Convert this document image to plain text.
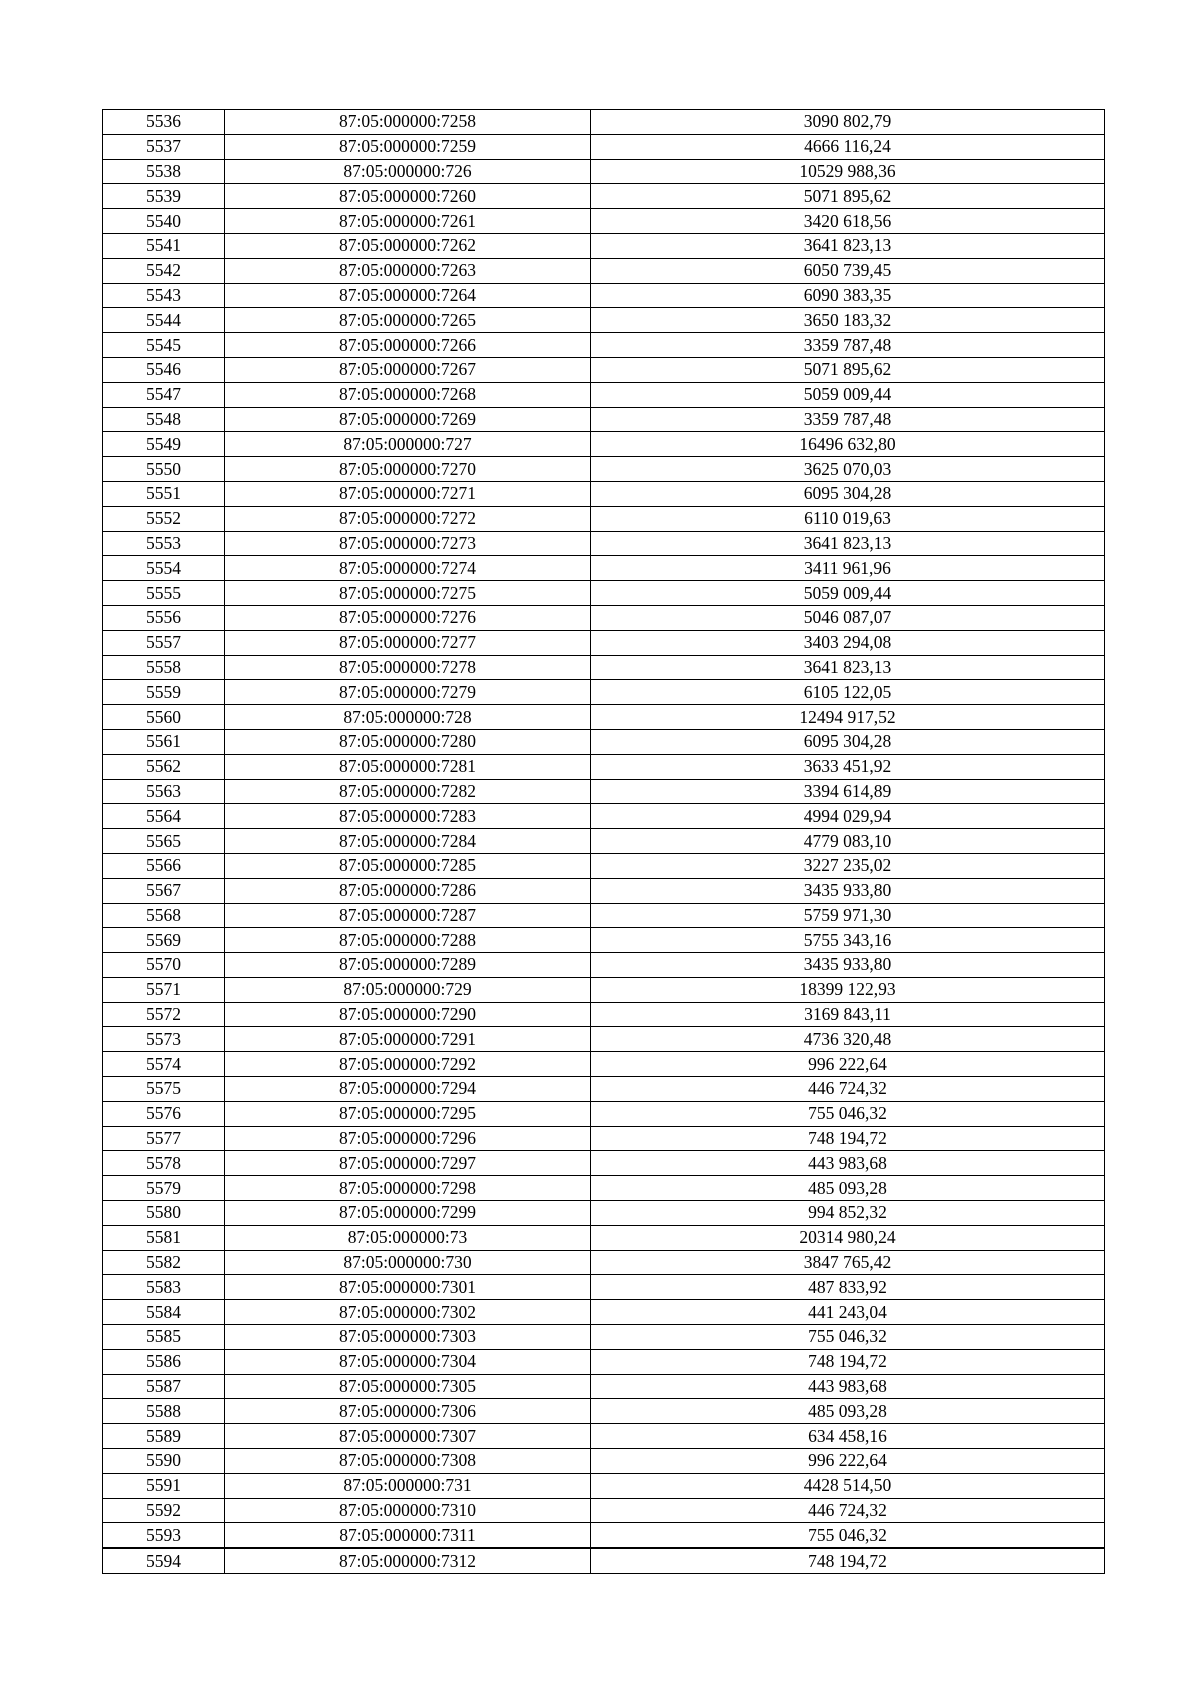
5536	87:05:000000:7258	3090 802,79
5537	87:05:000000:7259	4666 116,24
5538	87:05:000000:726	10529 988,36
5539	87:05:000000:7260	5071 895,62
5540	87:05:000000:7261	3420 618,56
5541	87:05:000000:7262	3641 823,13
5542	87:05:000000:7263	6050 739,45
5543	87:05:000000:7264	6090 383,35
5544	87:05:000000:7265	3650 183,32
5545	87:05:000000:7266	3359 787,48
5546	87:05:000000:7267	5071 895,62
5547	87:05:000000:7268	5059 009,44
5548	87:05:000000:7269	3359 787,48
5549	87:05:000000:727	16496 632,80
5550	87:05:000000:7270	3625 070,03
5551	87:05:000000:7271	6095 304,28
5552	87:05:000000:7272	6110 019,63
5553	87:05:000000:7273	3641 823,13
5554	87:05:000000:7274	3411 961,96
5555	87:05:000000:7275	5059 009,44
5556	87:05:000000:7276	5046 087,07
5557	87:05:000000:7277	3403 294,08
5558	87:05:000000:7278	3641 823,13
5559	87:05:000000:7279	6105 122,05
5560	87:05:000000:728	12494 917,52
5561	87:05:000000:7280	6095 304,28
5562	87:05:000000:7281	3633 451,92
5563	87:05:000000:7282	3394 614,89
5564	87:05:000000:7283	4994 029,94
5565	87:05:000000:7284	4779 083,10
5566	87:05:000000:7285	3227 235,02
5567	87:05:000000:7286	3435 933,80
5568	87:05:000000:7287	5759 971,30
5569	87:05:000000:7288	5755 343,16
5570	87:05:000000:7289	3435 933,80
5571	87:05:000000:729	18399 122,93
5572	87:05:000000:7290	3169 843,11
5573	87:05:000000:7291	4736 320,48
5574	87:05:000000:7292	996 222,64
5575	87:05:000000:7294	446 724,32
5576	87:05:000000:7295	755 046,32
5577	87:05:000000:7296	748 194,72
5578	87:05:000000:7297	443 983,68
5579	87:05:000000:7298	485 093,28
5580	87:05:000000:7299	994 852,32
5581	87:05:000000:73	20314 980,24
5582	87:05:000000:730	3847 765,42
5583	87:05:000000:7301	487 833,92
5584	87:05:000000:7302	441 243,04
5585	87:05:000000:7303	755 046,32
5586	87:05:000000:7304	748 194,72
5587	87:05:000000:7305	443 983,68
5588	87:05:000000:7306	485 093,28
5589	87:05:000000:7307	634 458,16
5590	87:05:000000:7308	996 222,64
5591	87:05:000000:731	4428 514,50
5592	87:05:000000:7310	446 724,32
5593	87:05:000000:7311	755 046,32
5594	87:05:000000:7312	748 194,72
